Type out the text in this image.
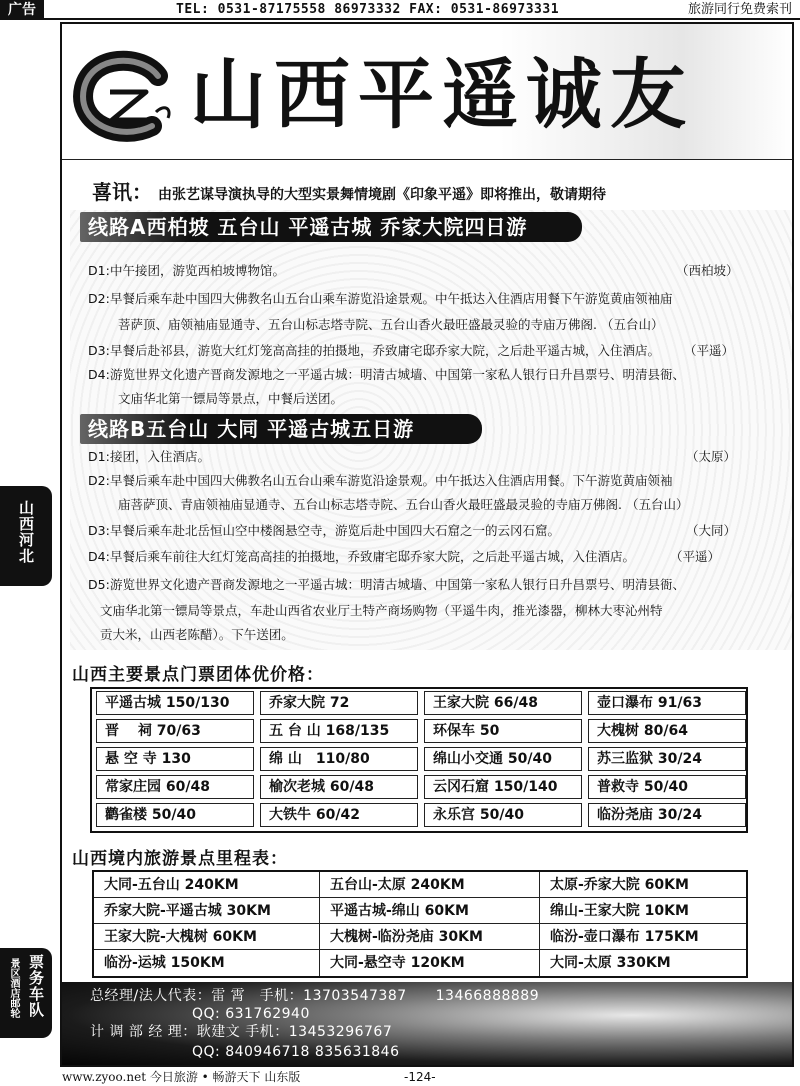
广告	TEL: 0531-87175558 86973332 FAX: 0531-86973331	旅游同行免费索刊
山西平遥诚友
喜讯： 由张艺谋导演执导的大型实景舞情境剧《印象平遥》即将推出，敬请期待
线路A西柏坡 五台山 平遥古城 乔家大院四日游
D1:中午接团，游览西柏坡博物馆。	（西柏坡）
D2:早餐后乘车赴中国四大佛教名山五台山乘车游览沿途景观。中午抵达入住酒店用餐下午游览黄庙领袖庙
菩萨顶、庙领袖庙显通寺、五台山标志塔寺院、五台山香火最旺盛最灵验的寺庙万佛阁. （五台山）
D3:早餐后赴祁县，游览大红灯笼高高挂的拍摄地，乔致庸宅邸乔家大院，之后赴平遥古城，入住酒店。 （平遥）
D4:游览世界文化遗产晋商发源地之一平遥古城：明清古城墙、中国第一家私人银行日升昌票号、明清县衙、
文庙华北第一镖局等景点，中餐后送团。
线路B五台山 大同 平遥古城五日游
D1:接团，入住酒店。	（太原）
D2:早餐后乘车赴中国四大佛教名山五台山乘车游览沿途景观。中午抵达入住酒店用餐。下午游览黄庙领袖
庙菩萨顶、青庙领袖庙显通寺、五台山标志塔寺院、五台山香火最旺盛最灵验的寺庙万佛阁. （五台山）
D3:早餐后乘车赴北岳恒山空中楼阁悬空寺，游览后赴中国四大石窟之一的云冈石窟。	（大同）
D4:早餐后乘车前往大红灯笼高高挂的拍摄地，乔致庸宅邸乔家大院，之后赴平遥古城，入住酒店。	（平遥）
D5:游览世界文化遗产晋商发源地之一平遥古城：明清古城墙、中国第一家私人银行日升昌票号、明清县衙、
文庙华北第一镖局等景点，车赴山西省农业厅土特产商场购物（平遥牛肉，推光漆器，柳林大枣沁州特
贡大米，山西老陈醋）。下午送团。
山西主要景点门票团体优价格：
平遥古城 150/130	乔家大院 72	王家大院 66/48	壶口瀑布 91/63
晋　 祠 70/63	五 台 山 168/135	环保车 50	大槐树 80/64
悬 空 寺 130	绵 山　110/80	绵山小交通 50/40	苏三监狱 30/24
常家庄园 60/48	榆次老城 60/48	云冈石窟 150/140	普救寺 50/40
鹳雀楼 50/40	大铁牛 60/42	永乐宫 50/40	临汾尧庙 30/24
山西境内旅游景点里程表：
大同-五台山 240KM	五台山-太原 240KM	太原-乔家大院 60KM
乔家大院-平遥古城 30KM	平遥古城-绵山 60KM	绵山-王家大院 10KM
王家大院-大槐树 60KM	大槐树-临汾尧庙 30KM	临汾-壶口瀑布 175KM
临汾-运城 150KM	大同-悬空寺 120KM	大同-太原 330KM
总经理/法人代表：雷 霄　手机：13703547387　　13466888889
QQ: 631762940
计 调 部 经 理：耿建文 手机：13453296767
QQ: 840946718 835631846
山西河北
票务车队
景区酒店邮轮
www.zyoo.net 今日旅游 • 畅游天下 山东版	-124-
